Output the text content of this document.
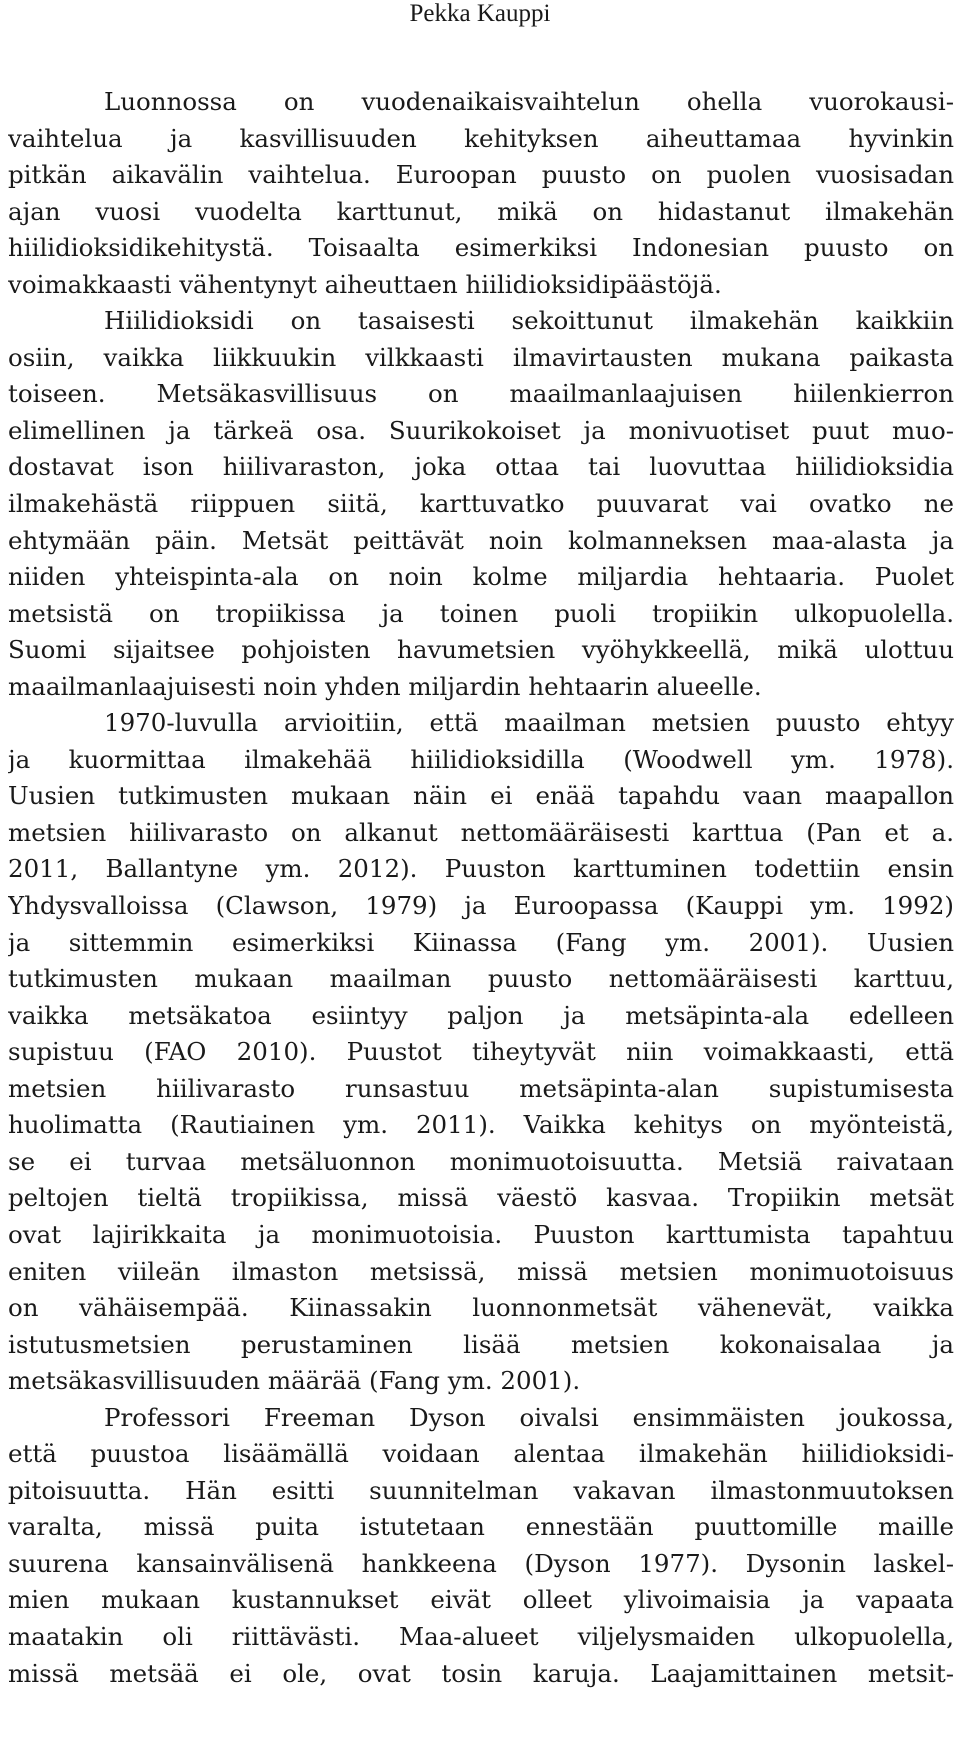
Pekka Kauppi
Luonnossa on vuodenaikaisvaihtelun ohella vuorokausi-
vaihtelua ja kasvillisuuden kehityksen aiheuttamaa hyvinkin
pitkän aikavälin vaihtelua. Euroopan puusto on puolen vuosisadan
ajan vuosi vuodelta karttunut, mikä on hidastanut ilmakehän
hiilidioksidikehitystä. Toisaalta esimerkiksi Indonesian puusto on
voimakkaasti vähentynyt aiheuttaen hiilidioksidipäästöjä.
Hiilidioksidi on tasaisesti sekoittunut ilmakehän kaikkiin
osiin, vaikka liikkuukin vilkkaasti ilmavirtausten mukana paikasta
toiseen. Metsäkasvillisuus on maailmanlaajuisen hiilenkierron
elimellinen ja tärkeä osa. Suurikokoiset ja monivuotiset puut muo-
dostavat ison hiilivaraston, joka ottaa tai luovuttaa hiilidioksidia
ilmakehästä riippuen siitä, karttuvatko puuvarat vai ovatko ne
ehtymään päin. Metsät peittävät noin kolmanneksen maa-alasta ja
niiden yhteispinta-ala on noin kolme miljardia hehtaaria. Puolet
metsistä on tropiikissa ja toinen puoli tropiikin ulkopuolella.
Suomi sijaitsee pohjoisten havumetsien vyöhykkeellä, mikä ulottuu
maailmanlaajuisesti noin yhden miljardin hehtaarin alueelle.
1970-luvulla arvioitiin, että maailman metsien puusto ehtyy
ja kuormittaa ilmakehää hiilidioksidilla (Woodwell ym. 1978).
Uusien tutkimusten mukaan näin ei enää tapahdu vaan maapallon
metsien hiilivarasto on alkanut nettomääräisesti karttua (Pan et a.
2011, Ballantyne ym. 2012). Puuston karttuminen todettiin ensin
Yhdysvalloissa (Clawson, 1979) ja Euroopassa (Kauppi ym. 1992)
ja sittemmin esimerkiksi Kiinassa (Fang ym. 2001). Uusien
tutkimusten mukaan maailman puusto nettomääräisesti karttuu,
vaikka metsäkatoa esiintyy paljon ja metsäpinta-ala edelleen
supistuu (FAO 2010). Puustot tiheytyvät niin voimakkaasti, että
metsien hiilivarasto runsastuu metsäpinta-alan supistumisesta
huolimatta (Rautiainen ym. 2011). Vaikka kehitys on myönteistä,
se ei turvaa metsäluonnon monimuotoisuutta. Metsiä raivataan
peltojen tieltä tropiikissa, missä väestö kasvaa. Tropiikin metsät
ovat lajirikkaita ja monimuotoisia. Puuston karttumista tapahtuu
eniten viileän ilmaston metsissä, missä metsien monimuotoisuus
on vähäisempää. Kiinassakin luonnonmetsät vähenevät, vaikka
istutusmetsien perustaminen lisää metsien kokonaisalaa ja
metsäkasvillisuuden määrää (Fang ym. 2001).
Professori Freeman Dyson oivalsi ensimmäisten joukossa,
että puustoa lisäämällä voidaan alentaa ilmakehän hiilidioksidi-
pitoisuutta. Hän esitti suunnitelman vakavan ilmastonmuutoksen
varalta, missä puita istutetaan ennestään puuttomille maille
suurena kansainvälisenä hankkeena (Dyson 1977). Dysonin laskel-
mien mukaan kustannukset eivät olleet ylivoimaisia ja vapaata
maatakin oli riittävästi. Maa-alueet viljelysmaiden ulkopuolella,
missä metsää ei ole, ovat tosin karuja. Laajamittainen metsit-
